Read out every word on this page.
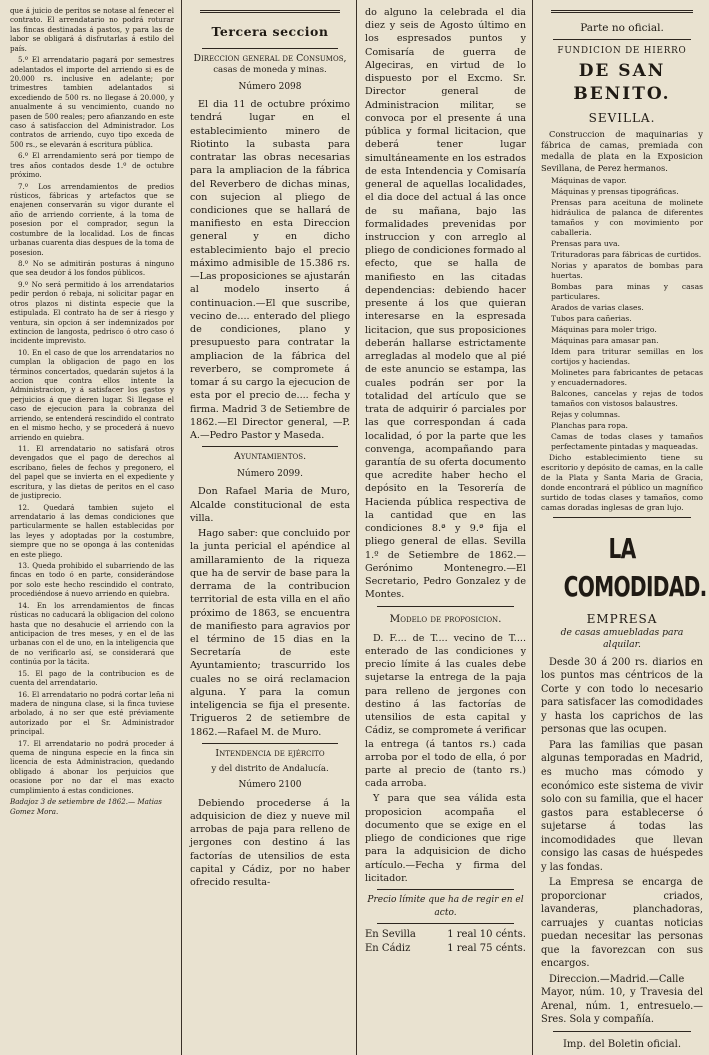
que á juicio de peritos se notase al fenecer el contrato. El arrendatario no podrá roturar las fincas destinadas á pastos, y para las de labor se obligará á disfrutarlas á estilo del país.

5.º El arrendatario pagará por semestres adelantados el importe del arriendo si es de 20.000 rs. inclusive en adelante; por trimestres tambien adelantados si excediendo de 500 rs. no llegase á 20.000, y anualmente á su vencimiento, cuando no pasen de 500 reales; pero afianzando en este caso á satisfaccion del Administrador. Los contratos de arriendo, cuyo tipo exceda de 500 rs., se elevarán á escritura pública.

6.º El arrendamiento será por tiempo de tres años contados desde 1.º de octubre próximo.

7.º Los arrendamientos de predios rústicos, fábricas y artefactos que se enajenen conservarán su vigor durante el año de arriendo corriente, á la toma de posesion por el comprador, segun la costumbre de la localidad. Los de fincas urbanas cuarenta dias despues de la toma de posesion.

8.º No se admitirán posturas á ninguno que sea deudor á los fondos públicos.

9.º No será permitido á los arrendatarios pedir perdon ó rebaja, ni solicitar pagar en otros plazos ni distinta especie que la estipulada. El contrato ha de ser á riesgo y ventura, sin opcion á ser indemnizados por extincion de langosta, pedrisco ó otro caso ó incidente imprevisto.

10. En el caso de que los arrendatarios no cumplan la obligacion de pago en los términos concertados, quedarán sujetos á la accion que contra ellos intente la Administracion, y á satisfacer los gastos y perjuicios á que dieren lugar. Si llegase el caso de ejecucion para la cobranza del arriendo, se entenderá rescindido el contrato en el mismo hecho, y se procederá á nuevo arriendo en quiebra.

11. El arrendatario no satisfará otros devengados que el pago de derechos al escribano, fieles de fechos y pregonero, el del papel que se invierta en el expediente y escritura, y las dietas de peritos en el caso de justiprecio.

12. Quedará tambien sujeto el arrendatario á las demas condiciones que particularmente se hallen establecidas por las leyes y adoptadas por la costumbre, siempre que no se oponga á las contenidas en este pliego.

13. Queda prohibido el subarriendo de las fincas en todo ó en parte, considerándose por solo este hecho rescindido el contrato, procediéndose á nuevo arriendo en quiebra.

14. En los arrendamientos de fincas rústicas no caducará la obligacion del colono hasta que no desahucie el arriendo con la anticipacion de tres meses, y en el de las urbanas con el de uno, en la inteligencia que de no verificarlo así, se considerará que continúa por la tácita.

15. El pago de la contribucion es de cuenta del arrendatario.

16. El arrendatario no podrá cortar leña ni madera de ninguna clase, si la finca tuviese arbolado, á no ser que esté préviamente autorizado por el Sr. Administrador principal.

17. El arrendatario no podrá proceder á quema de ninguna especie en la finca sin licencia de esta Administracion, quedando obligado á abonar los perjuicios que ocasione por no dar el mas exacto cumplimiento á estas condiciones.

Badajoz 3 de setiembre de 1862.— Matias Gomez Mora.

Tercera seccion
Direccion general de Consumos, casas de moneda y minas.
Número 2098

El dia 11 de octubre próximo tendrá lugar en el establecimiento minero de Riotinto la subasta para contratar las obras necesarias para la ampliacion de la fábrica del Reverbero de dichas minas, con sujecion al pliego de condiciones que se hallará de manifiesto en esta Direccion general y en dicho establecimiento bajo el precio máximo admisible de 15.386 rs.—Las proposiciones se ajustarán al modelo inserto á continuacion.—El que suscribe, vecino de.... enterado del pliego de condiciones, plano y presupuesto para contratar la ampliacion de la fábrica del reverbero, se compromete á tomar á su cargo la ejecucion de esta por el precio de.... fecha y firma. Madrid 3 de Setiembre de 1862.—El Director general, —P. A.—Pedro Pastor y Maseda.

Ayuntamientos.
Número 2099.

Don Rafael Maria de Muro, Alcalde constitucional de esta villa.

Hago saber: que concluido por la junta pericial el apéndice al amillaramiento de la riqueza que ha de servir de base para la derrama de la contribucion territorial de esta villa en el año próximo de 1863, se encuentra de manifiesto para agravios por el término de 15 dias en la Secretaría de este Ayuntamiento; trascurrido los cuales no se oirá reclamacion alguna. Y para la comun inteligencia se fija el presente. Trigueros 2 de setiembre de 1862.—Rafael M. de Muro.

Intendencia de ejército
y del distrito de Andalucía.
Número 2100

Debiendo procederse á la adquisicion de diez y nueve mil arrobas de paja para relleno de jergones con destino á las factorías de utensilios de esta capital y Cádiz, por no haber ofrecido resulta-

do alguno la celebrada el dia diez y seis de Agosto último en los espresados puntos y Comisaría de guerra de Algeciras, en virtud de lo dispuesto por el Excmo. Sr. Director general de Administracion militar, se convoca por el presente á una pública y formal licitacion, que deberá tener lugar simultáneamente en los estrados de esta Intendencia y Comisaría general de aquellas localidades, el dia doce del actual á las once de su mañana, bajo las formalidades prevenidas por instruccion y con arreglo al pliego de condiciones formado al efecto, que se halla de manifiesto en las citadas dependencias: debiendo hacer presente á los que quieran interesarse en la espresada licitacion, que sus proposiciones deberán hallarse estrictamente arregladas al modelo que al pié de este anuncio se estampa, las cuales podrán ser por la totalidad del artículo que se trata de adquirir ó parciales por las que correspondan á cada localidad, ó por la parte que les convenga, acompañando para garantía de su oferta documento que acredite haber hecho el depósito en la Tesorería de Hacienda pública respectiva de la cantidad que en las condiciones 8.ª y 9.ª fija el pliego general de ellas. Sevilla 1.º de Setiembre de 1862.—Gerónimo Montenegro.—El Secretario, Pedro Gonzalez y de Montes.

Modelo de proposicion.

D. F.... de T.... vecino de T.... enterado de las condiciones y precio límite á las cuales debe sujetarse la entrega de la paja para relleno de jergones con destino á las factorías de utensilios de esta capital y Cádiz, se compromete á verificar la entrega (á tantos rs.) cada arroba por el todo de ella, ó por parte al precio de (tanto rs.) cada arroba.

Y para que sea válida esta proposicion acompaña el documento que se exige en el pliego de condiciones que rige para la adquisicion de dicho artículo.—Fecha y firma del licitador.

Precio límite que ha de regir en el acto.
En Sevilla	1 real 10 cénts.
En Cádiz	1 real 75 cénts.
Parte no oficial.
FUNDICION DE HIERRO
DE SAN BENITO.
SEVILLA.

Construccion de maquinarias y fábrica de camas, premiada con medalla de plata en la Exposicion Sevillana, de Perez hermanos.

Máquinas de vapor.

Máquinas y prensas tipográficas.

Prensas para aceituna de molinete hidráulica de palanca de diferentes tamaños y con movimiento por caballeria.

Prensas para uva.

Trituradoras para fábricas de curtidos.

Norias y aparatos de bombas para huertas.

Bombas para minas y casas particulares.

Arados de varias clases.

Tubos para cañerias.

Máquinas para moler trigo.

Máquinas para amasar pan.

Idem para triturar semillas en los cortijos y haciendas.

Molinetes para fabricantes de petacas y encuadernadores.

Balcones, cancelas y rejas de todos tamaños con vistosos balaustres.

Rejas y columnas.

Planchas para ropa.

Camas de todas clases y tamaños perfectamente pintadas y maqueadas.

Dicho establecimiento tiene su escritorio y depósito de camas, en la calle de la Plata y Santa Maria de Gracia, donde encontrará el público un magnífico surtido de todas clases y tamaños, como camas doradas inglesas de gran lujo.

LA COMODIDAD.
EMPRESA
de casas amuebladas para alquilar.

Desde 30 á 200 rs. diarios en los puntos mas céntricos de la Corte y con todo lo necesario para satisfacer las comodidades y hasta los caprichos de las personas que las ocupen.

Para las familias que pasan algunas temporadas en Madrid, es mucho mas cómodo y económico este sistema de vivir solo con su familia, que el hacer gastos para establecerse ó sujetarse á todas las incomodidades que llevan consigo las casas de huéspedes y las fondas.

La Empresa se encarga de proporcionar criados, lavanderas, planchadoras, carruajes y cuantas noticias puedan necesitar las personas que la favorezcan con sus encargos.

Direccion.—Madrid.—Calle Mayor, núm. 10, y Travesia del Arenal, núm. 1, entresuelo.—Sres. Sola y compañía.

Imp. del Boletin oficial.
